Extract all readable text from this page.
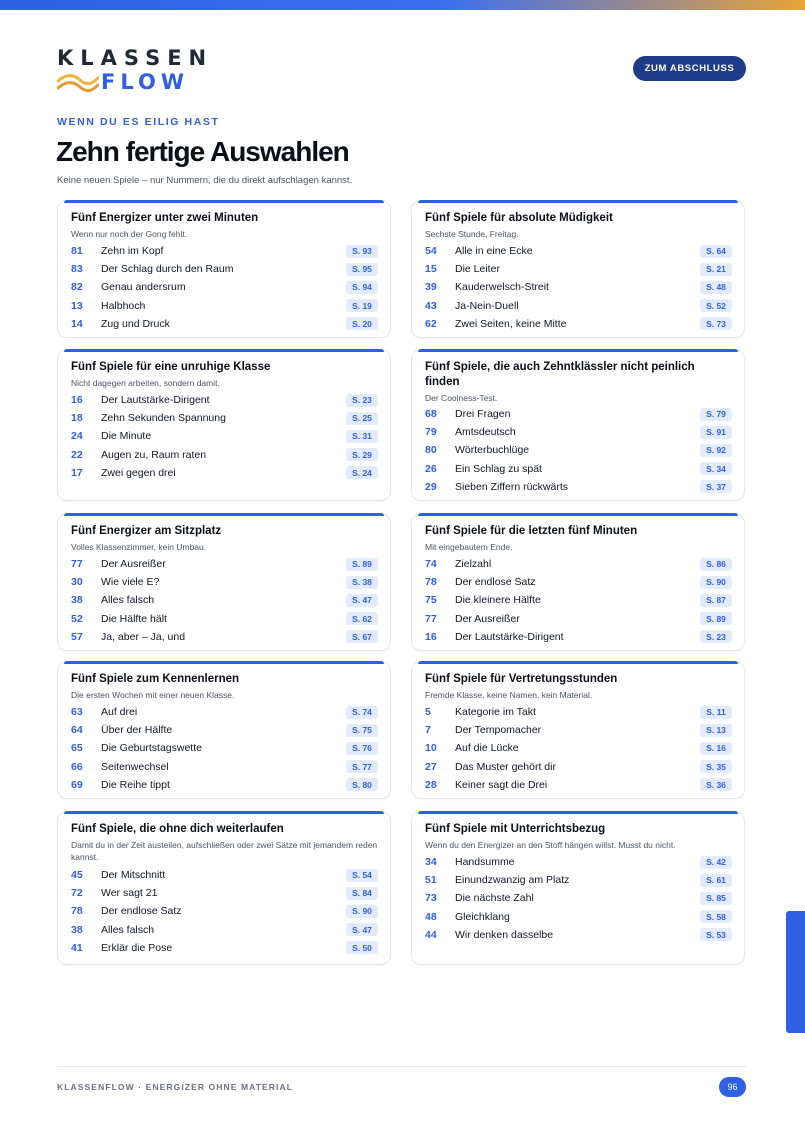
KLASSEN
FLOW
ZUM ABSCHLUSS
WENN DU ES EILIG HAST
Zehn fertige Auswahlen
Keine neuen Spiele – nur Nummern, die du direkt aufschlagen kannst.
Fünf Energizer unter zwei Minuten
Wenn nur noch der Gong fehlt.
81	Zehn im Kopf	S. 93
83	Der Schlag durch den Raum	S. 95
82	Genau andersrum	S. 94
13	Halbhoch	S. 19
14	Zug und Druck	S. 20
Fünf Spiele für absolute Müdigkeit
Sechste Stunde, Freitag.
54	Alle in eine Ecke	S. 64
15	Die Leiter	S. 21
39	Kauderwelsch-Streit	S. 48
43	Ja-Nein-Duell	S. 52
62	Zwei Seiten, keine Mitte	S. 73
Fünf Spiele für eine unruhige Klasse
Nicht dagegen arbeiten, sondern damit.
16	Der Lautstärke-Dirigent	S. 23
18	Zehn Sekunden Spannung	S. 25
24	Die Minute	S. 31
22	Augen zu, Raum raten	S. 29
17	Zwei gegen drei	S. 24
Fünf Spiele, die auch Zehntklässler nicht peinlich finden
Der Coolness-Test.
68	Drei Fragen	S. 79
79	Amtsdeutsch	S. 91
80	Wörterbuchlüge	S. 92
26	Ein Schlag zu spät	S. 34
29	Sieben Ziffern rückwärts	S. 37
Fünf Energizer am Sitzplatz
Volles Klassenzimmer, kein Umbau.
77	Der Ausreißer	S. 89
30	Wie viele E?	S. 38
38	Alles falsch	S. 47
52	Die Hälfte hält	S. 62
57	Ja, aber – Ja, und	S. 67
Fünf Spiele für die letzten fünf Minuten
Mit eingebautem Ende.
74	Zielzahl	S. 86
78	Der endlose Satz	S. 90
75	Die kleinere Hälfte	S. 87
77	Der Ausreißer	S. 89
16	Der Lautstärke-Dirigent	S. 23
Fünf Spiele zum Kennenlernen
Die ersten Wochen mit einer neuen Klasse.
63	Auf drei	S. 74
64	Über der Hälfte	S. 75
65	Die Geburtstagswette	S. 76
66	Seitenwechsel	S. 77
69	Die Reihe tippt	S. 80
Fünf Spiele für Vertretungsstunden
Fremde Klasse, keine Namen, kein Material.
5	Kategorie im Takt	S. 11
7	Der Tempomacher	S. 13
10	Auf die Lücke	S. 16
27	Das Muster gehört dir	S. 35
28	Keiner sagt die Drei	S. 36
Fünf Spiele, die ohne dich weiterlaufen
Damit du in der Zeit austeilen, aufschließen oder zwei Sätze mit jemandem reden kannst.
45	Der Mitschnitt	S. 54
72	Wer sagt 21	S. 84
78	Der endlose Satz	S. 90
38	Alles falsch	S. 47
41	Erklär die Pose	S. 50
Fünf Spiele mit Unterrichtsbezug
Wenn du den Energizer an den Stoff hängen willst. Musst du nicht.
34	Handsumme	S. 42
51	Einundzwanzig am Platz	S. 61
73	Die nächste Zahl	S. 85
48	Gleichklang	S. 58
44	Wir denken dasselbe	S. 53
KLASSENFLOW · ENERGIZER OHNE MATERIAL	96
